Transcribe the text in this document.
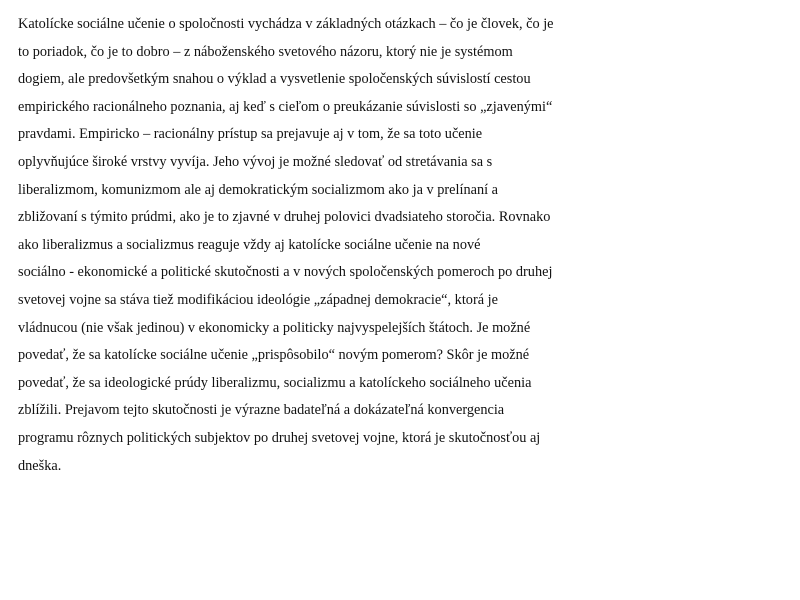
Katolícke sociálne učenie o spoločnosti vychádza v základných otázkach – čo je človek, čo je
to poriadok, čo je to dobro – z náboženského svetového názoru, ktorý nie je systémom
dogiem, ale predovšetkým snahou o výklad a vysvetlenie spoločenských súvislostí cestou
empirického racionálneho poznania, aj keď s cieľom o preukázanie súvislosti so „zjavenými“
pravdami. Empiricko – racionálny prístup sa prejavuje aj v tom, že sa toto učenie
oplyvňujúce široké vrstvy vyvíja. Jeho vývoj je možné sledovať od stretávania sa s
liberalizmom, komunizmom ale aj demokratickým socializmom ako ja v prelínaní a
zbližovaní s týmito prúdmi, ako je to zjavné v druhej polovici dvadsiateho storočia. Rovnako
ako liberalizmus a socializmus reaguje vždy aj katolícke sociálne učenie na nové
sociálno - ekonomické a politické skutočnosti a v nových spoločenských pomeroch po druhej
svetovej vojne sa stáva tiež modifikáciou ideológie „západnej demokracie“, ktorá je
vládnucou (nie však jedinou) v ekonomicky a politicky najvyspelejších štátoch. Je možné
povedať, že sa katolícke sociálne učenie „prispôsobilo“ novým pomerom? Skôr je možné
povedať, že sa ideologické prúdy liberalizmu, socializmu a katolíckeho sociálneho učenia
zblížili. Prejavom tejto skutočnosti je výrazne badateľná a dokázateľná konvergencia
programu rôznych politických subjektov po druhej svetovej vojne, ktorá je skutočnosťou aj
dneška.
